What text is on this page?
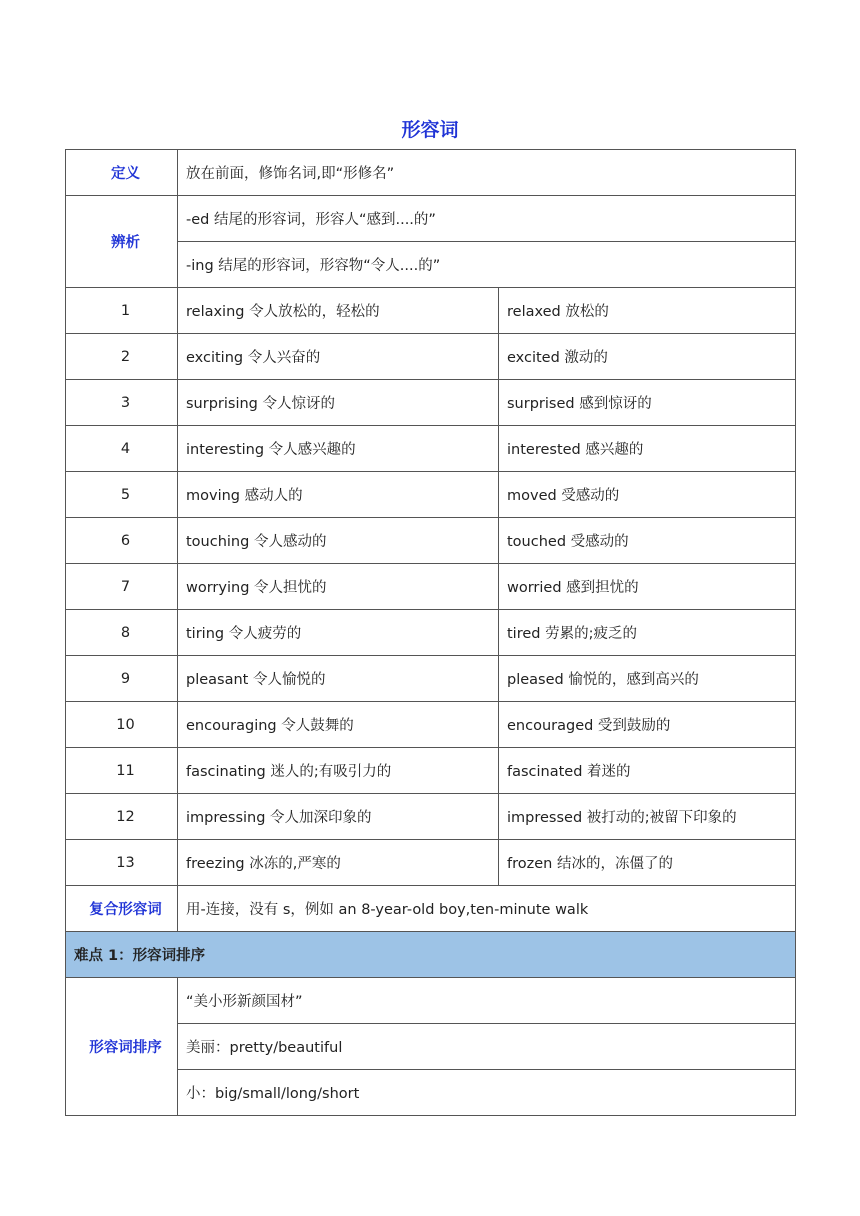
形容词
定义	放在前面，修饰名词,即“形修名”	
辨析	-ed 结尾的形容词，形容人“感到....的”	
	-ing 结尾的形容词，形容物“令人....的”	
1	relaxing 令人放松的，轻松的	relaxed 放松的
2	exciting 令人兴奋的	excited 激动的
3	surprising 令人惊讶的	surprised 感到惊讶的
4	interesting 令人感兴趣的	interested 感兴趣的
5	moving 感动人的	moved 受感动的
6	touching 令人感动的	touched 受感动的
7	worrying 令人担忧的	worried 感到担忧的
8	tiring 令人疲劳的	tired 劳累的;疲乏的
9	pleasant 令人愉悦的	pleased 愉悦的，感到高兴的
10	encouraging 令人鼓舞的	encouraged 受到鼓励的
11	fascinating 迷人的;有吸引力的	fascinated 着迷的
12	impressing 令人加深印象的	impressed 被打动的;被留下印象的
13	freezing 冰冻的,严寒的	frozen 结冰的，冻僵了的
复合形容词	用-连接，没有 s，例如 an 8-year-old boy,ten-minute walk	
难点 1：形容词排序		
形容词排序	“美小形新颜国材”	
	美丽：pretty/beautiful	
	小：big/small/long/short	
